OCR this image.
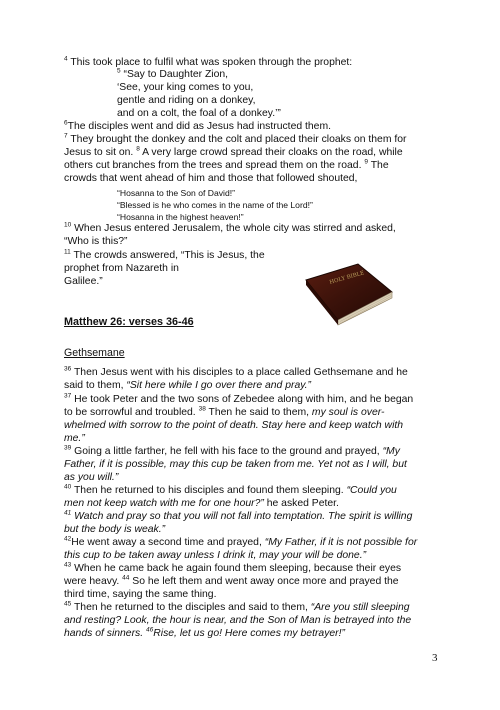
$^4$ This took place to fulfil what was spoken through the prophet:
$^5$ “Say to Daughter Zion,
‘See, your king comes to you,
gentle and riding on a donkey,
and on a colt, the foal of a donkey.’”
$^6$The disciples went and did as Jesus had instructed them.
$^7$ They brought the donkey and the colt and placed their cloaks on them for
Jesus to sit on. $^8$ A very large crowd spread their cloaks on the road, while
others cut branches from the trees and spread them on the road. $^9$ The
crowds that went ahead of him and those that followed shouted,
“Hosanna to the Son of David!”
“Blessed is he who comes in the name of the Lord!”
“Hosanna in the highest heaven!”
$^{10}$ When Jesus entered Jerusalem, the whole city was stirred and asked,
“Who is this?”
$^{11}$ The crowds answered, “This is Jesus, the
prophet from Nazareth in
Galilee.”	HOLY BIBLE
Matthew 26: verses 36-46
Gethsemane
$^{36}$ Then Jesus went with his disciples to a place called Gethsemane and he
said to them, “Sit here while I go over there and pray.”
$^{37}$ He took Peter and the two sons of Zebedee along with him, and he began
to be sorrowful and troubled. $^{38}$ Then he said to them, my soul is over-
whelmed with sorrow to the point of death. Stay here and keep watch with
me.”
$^{39}$ Going a little farther, he fell with his face to the ground and prayed, “My
Father, if it is possible, may this cup be taken from me. Yet not as I will, but
as you will.”
$^{40}$ Then he returned to his disciples and found them sleeping. “Could you
men not keep watch with me for one hour?” he asked Peter.
$^{41}$ Watch and pray so that you will not fall into temptation. The spirit is willing
but the body is weak.”
$^{42}$He went away a second time and prayed, “My Father, if it is not possible for
this cup to be taken away unless I drink it, may your will be done.”
$^{43}$ When he came back he again found them sleeping, because their eyes
were heavy. $^{44}$ So he left them and went away once more and prayed the
third time, saying the same thing.
$^{45}$ Then he returned to the disciples and said to them, “Are you still sleeping
and resting? Look, the hour is near, and the Son of Man is betrayed into the
hands of sinners. $^{46}$Rise, let us go! Here comes my betrayer!”
3
